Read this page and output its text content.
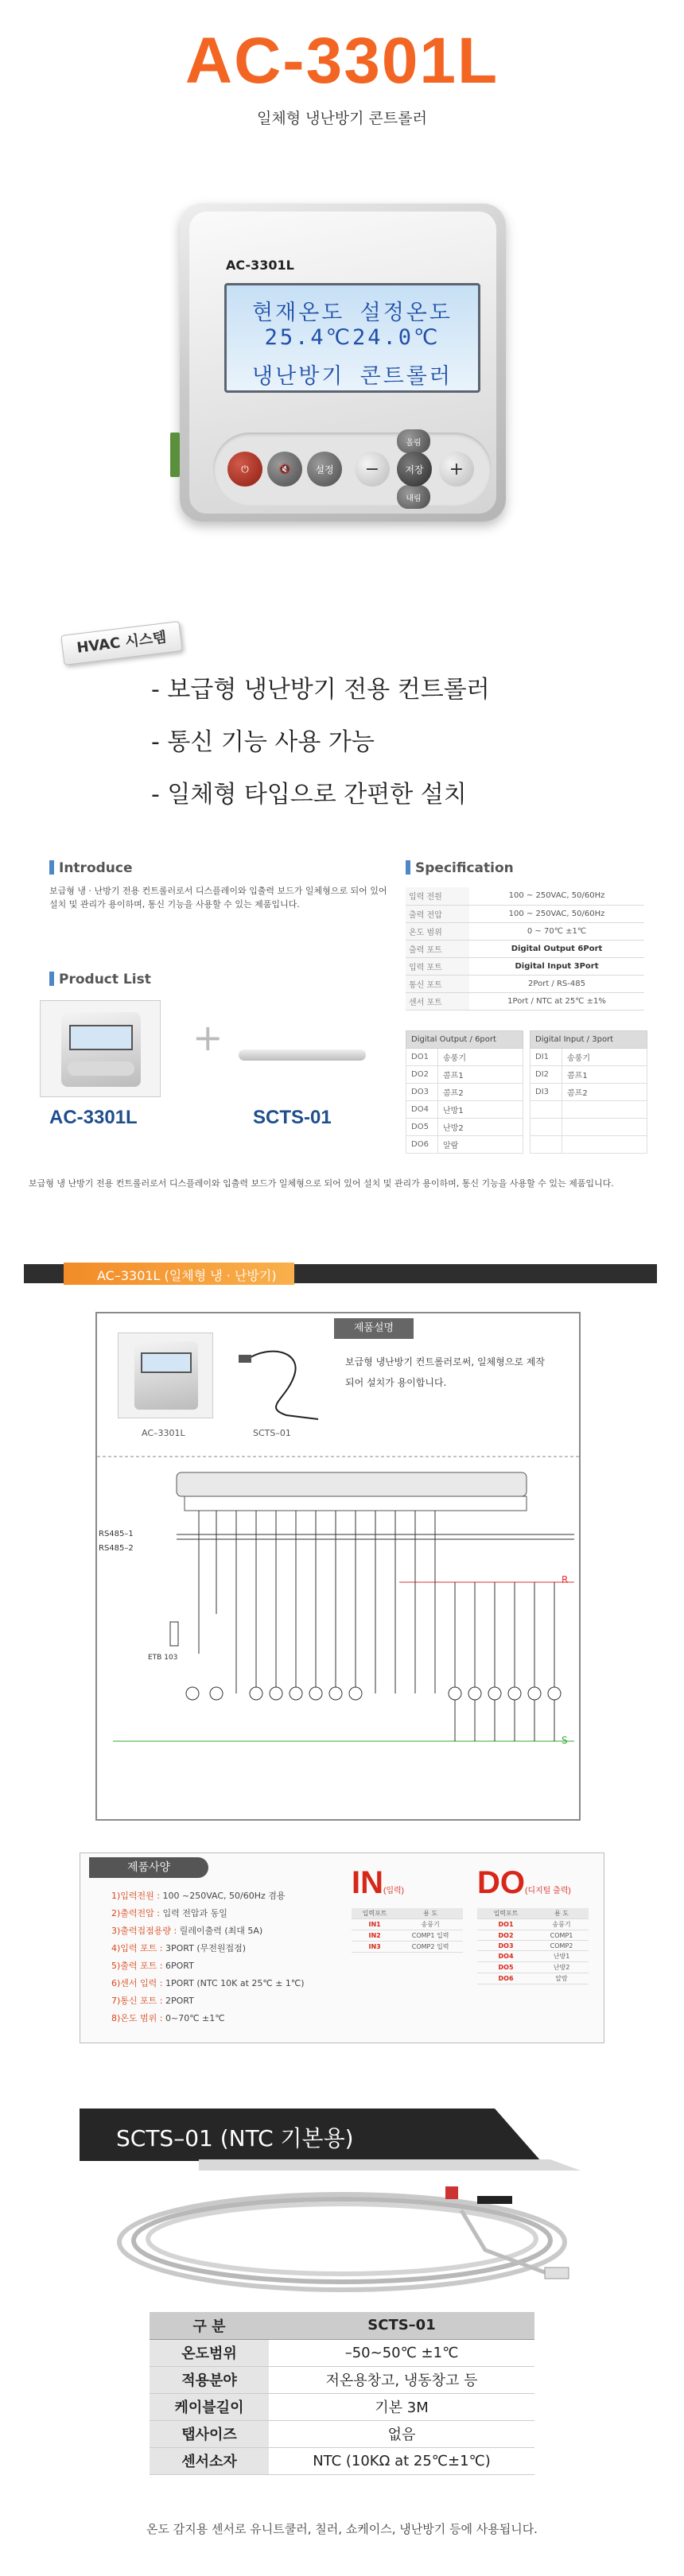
AC-3301L
일체형 냉난방기 콘트롤러
AC-3301L
현재온도 설정온도
25.4℃24.0℃
냉난방기 콘트롤러
⏻	🔇	설정
올림
내림
−	저장	+
HVAC 시스템
- 보급형 냉난방기 전용 컨트롤러
- 통신 기능 사용 가능
- 일체형 타입으로 간편한 설치
Introduce
보급형 냉 · 난방기 전용 컨트롤러로서 디스플레이와 입출력 보드가 일체형으로 되어 있어 설치 및 관리가 용이하며, 통신 기능을 사용할 수 있는 제품입니다.
Specification
입력 전원	100 ~ 250VAC, 50/60Hz
출력 전압	100 ~ 250VAC, 50/60Hz
온도 범위	0 ~ 70℃ ±1℃
출력 포트	Digital Output 6Port
입력 포트	Digital Input 3Port
통신 포트	2Port / RS-485
센서 포트	1Port / NTC at 25℃ ±1%
Digital Output / 6port	
DO1	송풍기
DO2	콤프1
DO3	콤프2
DO4	난방1
DO5	난방2
DO6	알람
Digital Input / 3port	
DI1	송풍기
DI2	콤프1
DI3	콤프2

Product List
+
AC-3301L	SCTS-01
보급형 냉 난방기 전용 컨트롤러로서 디스플레이와 입출력 보드가 일체형으로 되어 있어 설치 및 관리가 용이하며, 통신 기능을 사용할 수 있는 제품입니다.
AC–3301L (일체형 냉 · 난방기)
AC–3301L	SCTS–01
제품설명
보급형 냉난방기 컨트롤러로써, 일체형으로 제작되어 설치가 용이합니다.
RS485–1
RS485–2
ETB 103
R
S
제품사양
1)입력전원 : 100 ~250VAC, 50/60Hz 겸용
2)출력전압 : 입력 전압과 동일
3)출력접점용량 : 릴레이출력 (최대 5A)
4)입력 포트 : 3PORT (무전원접점)
5)출력 포트 : 6PORT
6)센서 입력 : 1PORT (NTC 10K at 25℃ ± 1℃)
7)통신 포트 : 2PORT
8)온도 범위 : 0~70℃ ±1℃
IN(입력)
입력포트	용 도
IN1	송풍기
IN2	COMP1 입력
IN3	COMP2 입력
DO(디지털 출력)
입력포트	용 도
DO1	송풍기
DO2	COMP1
DO3	COMP2
DO4	난방1
DO5	난방2
DO6	알람
SCTS–01 (NTC 기본용)
구 분	SCTS–01
온도범위	–50~50℃ ±1℃
적용분야	저온용창고, 냉동창고 등
케이블길이	기본 3M
탭사이즈	없음
센서소자	NTC (10KΩ at 25℃±1℃)
온도 감지용 센서로 유니트쿨러, 칠러, 쇼케이스, 냉난방기 등에 사용됩니다.
